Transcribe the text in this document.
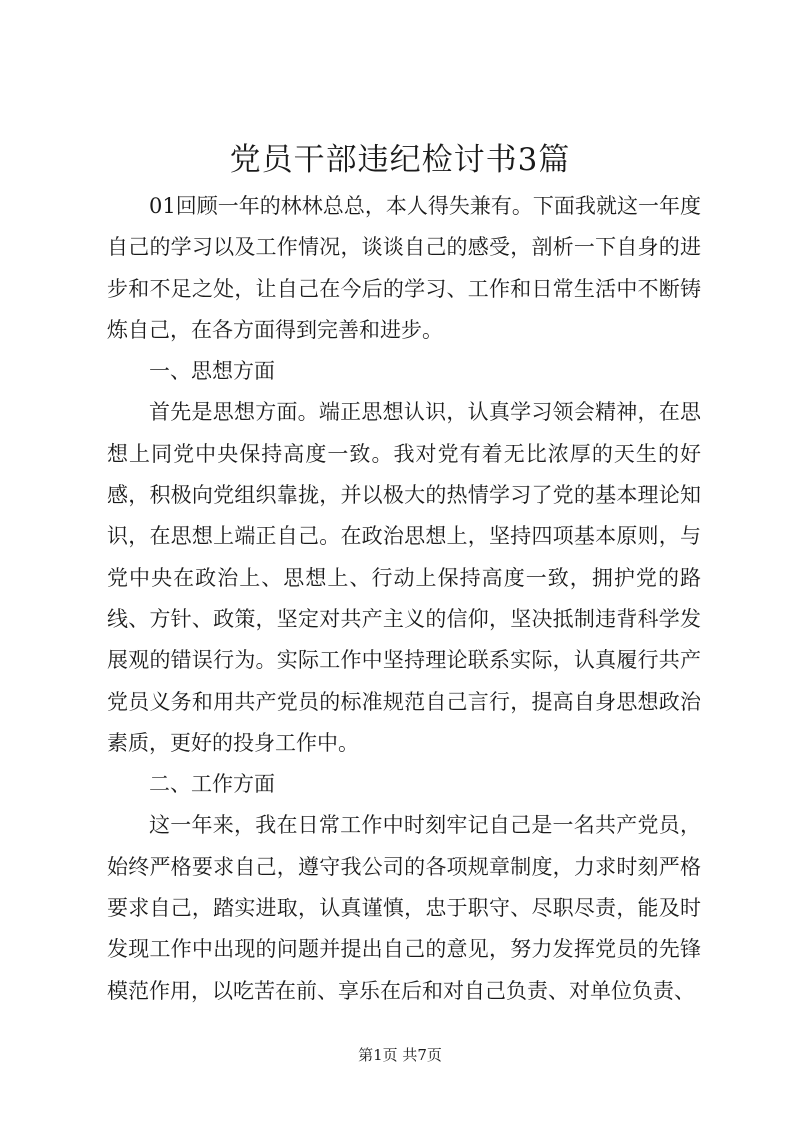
党员干部违纪检讨书3篇

01回顾一年的林林总总，本人得失兼有。下面我就这一年度自己的学习以及工作情况，谈谈自己的感受，剖析一下自身的进步和不足之处，让自己在今后的学习、工作和日常生活中不断铸炼自己，在各方面得到完善和进步。

一、思想方面

首先是思想方面。端正思想认识，认真学习领会精神，在思想上同党中央保持高度一致。我对党有着无比浓厚的天生的好感，积极向党组织靠拢，并以极大的热情学习了党的基本理论知识，在思想上端正自己。在政治思想上，坚持四项基本原则，与党中央在政治上、思想上、行动上保持高度一致，拥护党的路线、方针、政策，坚定对共产主义的信仰，坚决抵制违背科学发展观的错误行为。实际工作中坚持理论联系实际，认真履行共产党员义务和用共产党员的标准规范自己言行，提高自身思想政治素质，更好的投身工作中。

二、工作方面

这一年来，我在日常工作中时刻牢记自己是一名共产党员，始终严格要求自己，遵守我公司的各项规章制度，力求时刻严格要求自己，踏实进取，认真谨慎，忠于职守、尽职尽责，能及时发现工作中出现的问题并提出自己的意见，努力发挥党员的先锋模范作用，以吃苦在前、享乐在后和对自己负责、对单位负责、

第1页 共7页
